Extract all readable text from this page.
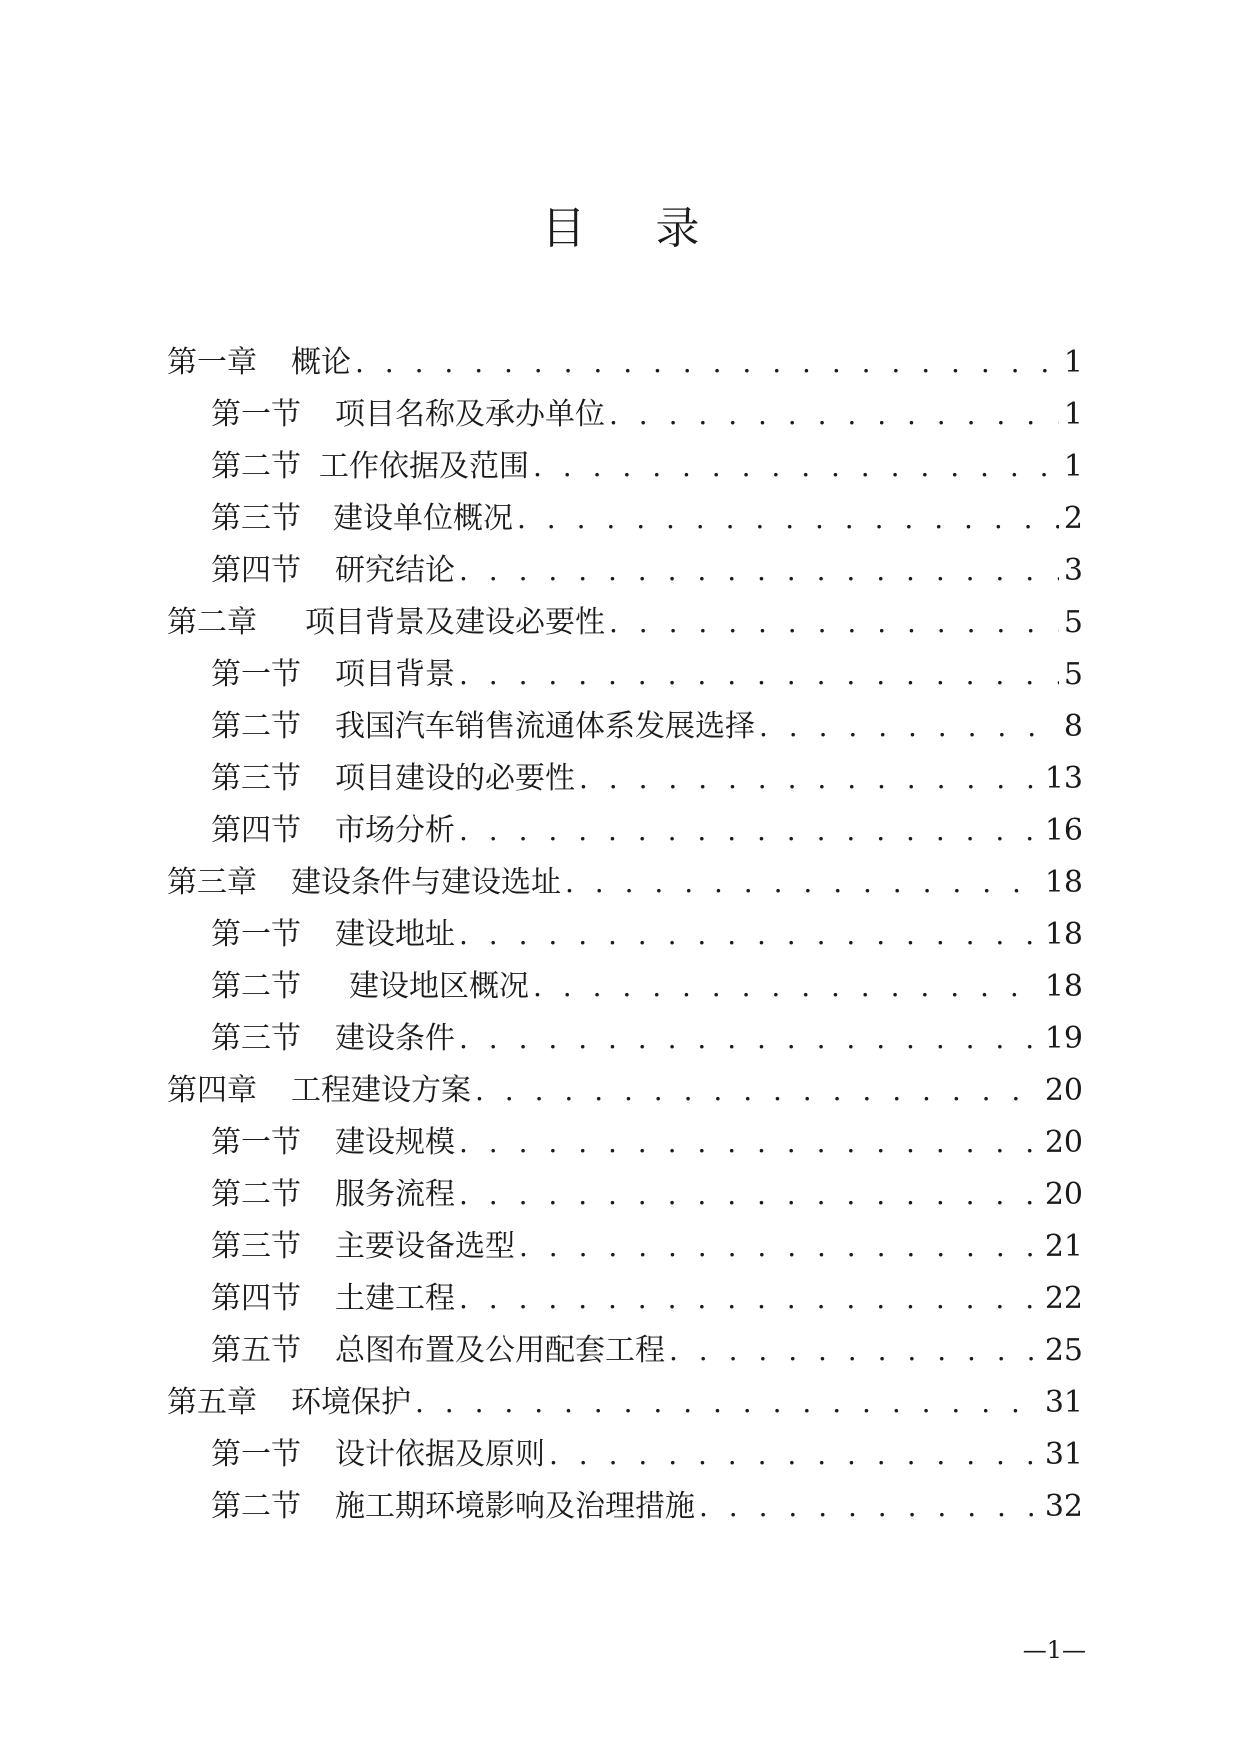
目 录
第一章 概论 . . .	1
第一节 项目名称及承办单位 . . .	1
第二节 工作依据及范围 . . .	1
第三节 建设单位概况 . . .	2
第四节 研究结论 . . .	3
第二章 项目背景及建设必要性 . . .	5
第一节 项目背景 . . .	5
第二节 我国汽车销售流通体系发展选择 . . .	8
第三节 项目建设的必要性 . . .	13
第四节 市场分析 . . .	16
第三章 建设条件与建设选址 . . .	18
第一节 建设地址 . . .	18
第二节 建设地区概况 . . .	18
第三节 建设条件 . . .	19
第四章 工程建设方案 . . .	20
第一节 建设规模 . . .	20
第二节 服务流程 . . .	20
第三节 主要设备选型 . . .	21
第四节 土建工程 . . .	22
第五节 总图布置及公用配套工程 . . .	25
第五章 环境保护 . . .	31
第一节 设计依据及原则 . . .	31
第二节 施工期环境影响及治理措施 . . .	32
—1—
